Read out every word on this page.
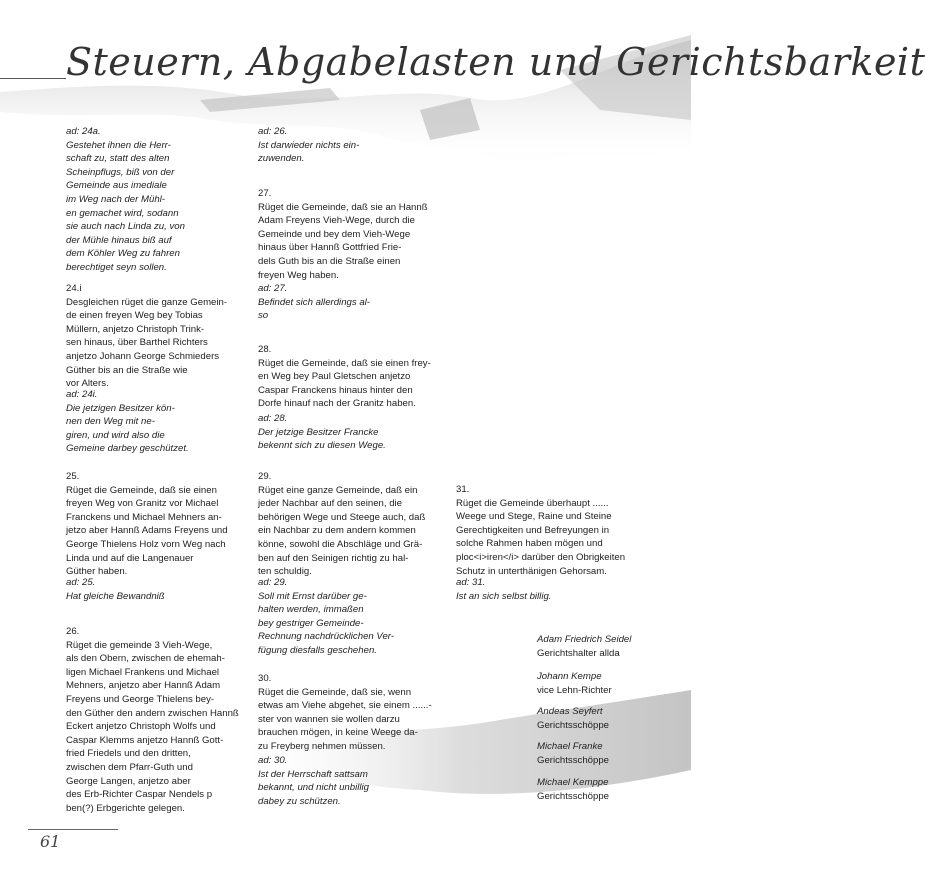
Steuern, Abgabelasten und Gerichtsbarkeit
ad: 24a.
Gestehet ihnen die Herr-
schaft zu, statt des alten
Scheinpflugs, biß von der
Gemeinde aus imediale
im Weg nach der Mühl-
en gemachet wird, sodann
sie auch nach Linda zu, von
der Mühle hinaus biß auf
dem Köhler Weg zu fahren
berechtiget seyn sollen.
24.i
Desgleichen rüget die ganze Gemein-
de einen freyen Weg bey Tobias
Müllern, anjetzo Christoph Trink-
sen hinaus, über Barthel Richters
anjetzo Johann George Schmieders
Güther bis an die Straße wie
vor Alters.
ad: 24i.
Die jetzigen Besitzer kön-
nen den Weg mit ne-
giren, und wird also die
Gemeine darbey geschützet.
25.
Rüget die Gemeinde, daß sie einen
freyen Weg von Granitz vor Michael
Franckens und Michael Mehners an-
jetzo aber Hannß Adams Freyens und
George Thielens Holz vorn Weg nach
Linda und auf die Langenauer
Güther haben.
ad: 25.
Hat gleiche Bewandniß
26.
Rüget die gemeinde 3 Vieh-Wege,
als den Obern, zwischen de ehemah-
ligen Michael Frankens und Michael
Mehners, anjetzo aber Hannß Adam
Freyens und George Thielens bey-
den Güther den andern zwischen Hannß
Eckert anjetzo Christoph Wolfs und
Caspar Klemms anjetzo Hannß Gott-
fried Friedels und den dritten,
zwischen dem Pfarr-Guth und
George Langen, anjetzo aber
des Erb-Richter Caspar Nendels p
ben(?) Erbgerichte gelegen.
ad: 26.
Ist darwieder nichts ein-
zuwenden.
27.
Rüget die Gemeinde, daß sie an Hannß
Adam Freyens Vieh-Wege, durch die
Gemeinde und bey dem Vieh-Wege
hinaus über Hannß Gottfried Frie-
dels Guth bis an die Straße einen
freyen Weg haben.
ad: 27.
Befindet sich allerdings al-
so
28.
Rüget die Gemeinde, daß sie einen frey-
en Weg bey Paul Gletschen anjetzo
Caspar Franckens hinaus hinter den
Dorfe hinauf nach der Granitz haben.
ad: 28.
Der jetzige Besitzer Francke
bekennt sich zu diesen Wege.
29.
Rüget eine ganze Gemeinde, daß ein
jeder Nachbar auf den seinen, die
behörigen Wege und Steege auch, daß
ein Nachbar zu dem andern kommen
könne, sowohl die Abschläge und Grä-
ben auf den Seinigen richtig zu hal-
ten schuldig.
ad: 29.
Soll mit Ernst darüber ge-
halten werden, immaßen
bey gestriger Gemeinde-
Rechnung nachdrücklichen Ver-
fügung diesfalls geschehen.
30.
Rüget die Gemeinde, daß sie, wenn
etwas am Viehe abgehet, sie einem ......-
ster von wannen sie wollen darzu
brauchen mögen, in keine Weege da-
zu Freyberg nehmen müssen.
ad: 30.
Ist der Herrschaft sattsam
bekannt, und nicht unbillig
dabey zu schützen.
31.
Rüget die Gemeinde überhaupt ......
Weege und Stege, Raine und Steine
Gerechtigkeiten und Befreyungen in
solche Rahmen haben mögen und
ploc<i>iren</i> darüber den Obrigkeiten
Schutz in unterthänigen Gehorsam.
ad: 31.
Ist an sich selbst billig.
Adam Friedrich Seidel
Gerichtshalter allda
Johann Kempe
vice Lehn-Richter
Andeas Seyfert
Gerichtsschöppe
Michael Franke
Gerichtsschöppe
Michael Kemppe
Gerichtsschöppe
61
